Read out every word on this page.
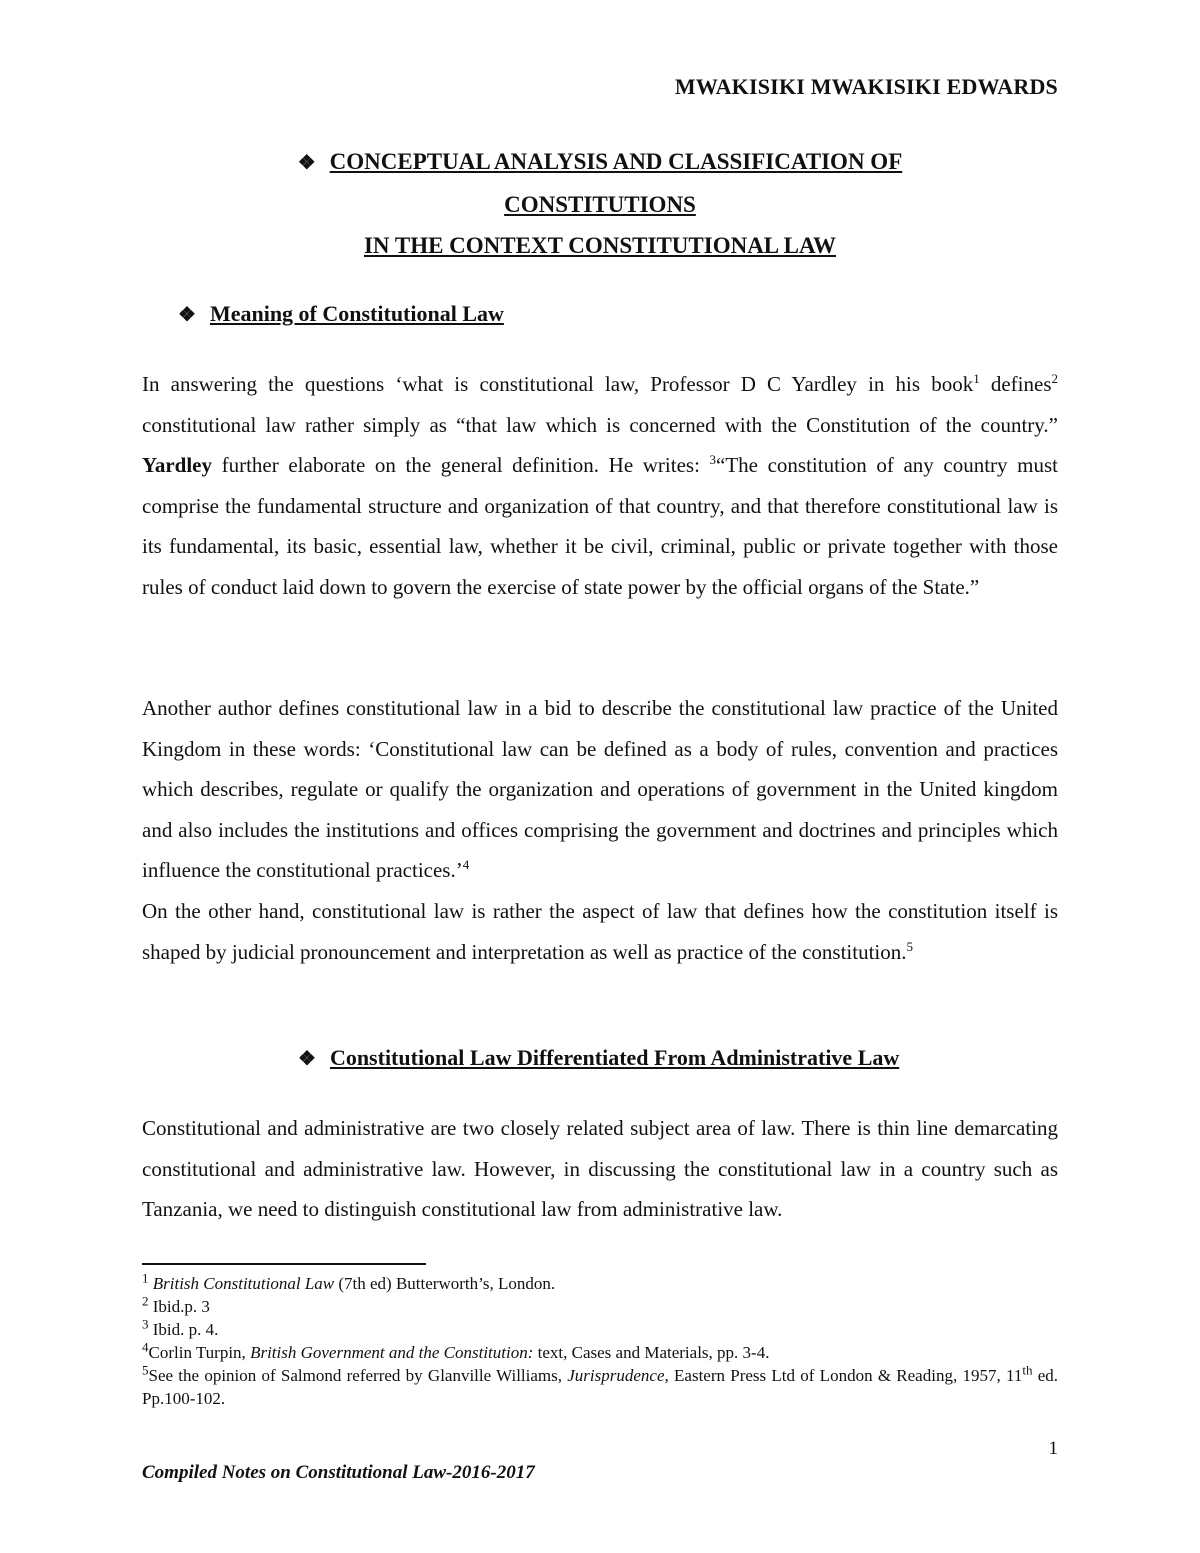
MWAKISIKI MWAKISIKI EDWARDS
❖ CONCEPTUAL ANALYSIS AND CLASSIFICATION OF
CONSTITUTIONS
IN THE CONTEXT CONSTITUTIONAL LAW
❖ Meaning of Constitutional Law

In answering the questions ‘what is constitutional law, Professor D C Yardley in his book$^1$ defines$^2$ constitutional law rather simply as “that law which is concerned with the Constitution of the country.” Yardley further elaborate on the general definition. He writes: $^3$“The constitution of any country must comprise the fundamental structure and organization of that country, and that therefore constitutional law is its fundamental, its basic, essential law, whether it be civil, criminal, public or private together with those rules of conduct laid down to govern the exercise of state power by the official organs of the State.”

Another author defines constitutional law in a bid to describe the constitutional law practice of the United Kingdom in these words: ‘Constitutional law can be defined as a body of rules, convention and practices which describes, regulate or qualify the organization and operations of government in the United kingdom and also includes the institutions and offices comprising the government and doctrines and principles which influence the constitutional practices.’$^4$

On the other hand, constitutional law is rather the aspect of law that defines how the constitution itself is shaped by judicial pronouncement and interpretation as well as practice of the constitution.$^5$

❖ Constitutional Law Differentiated From Administrative Law

Constitutional and administrative are two closely related subject area of law. There is thin line demarcating constitutional and administrative law. However, in discussing the constitutional law in a country such as Tanzania, we need to distinguish constitutional law from administrative law.

$^1$ British Constitutional Law (7th ed) Butterworth’s, London.

$^2$ Ibid.p. 3

$^3$ Ibid. p. 4.

$^4$Corlin Turpin, British Government and the Constitution: text, Cases and Materials, pp. 3-4.

$^5$See the opinion of Salmond referred by Glanville Williams, Jurisprudence, Eastern Press Ltd of London & Reading, 1957, 11th ed. Pp.100-102.

1
Compiled Notes on Constitutional Law-2016-2017
